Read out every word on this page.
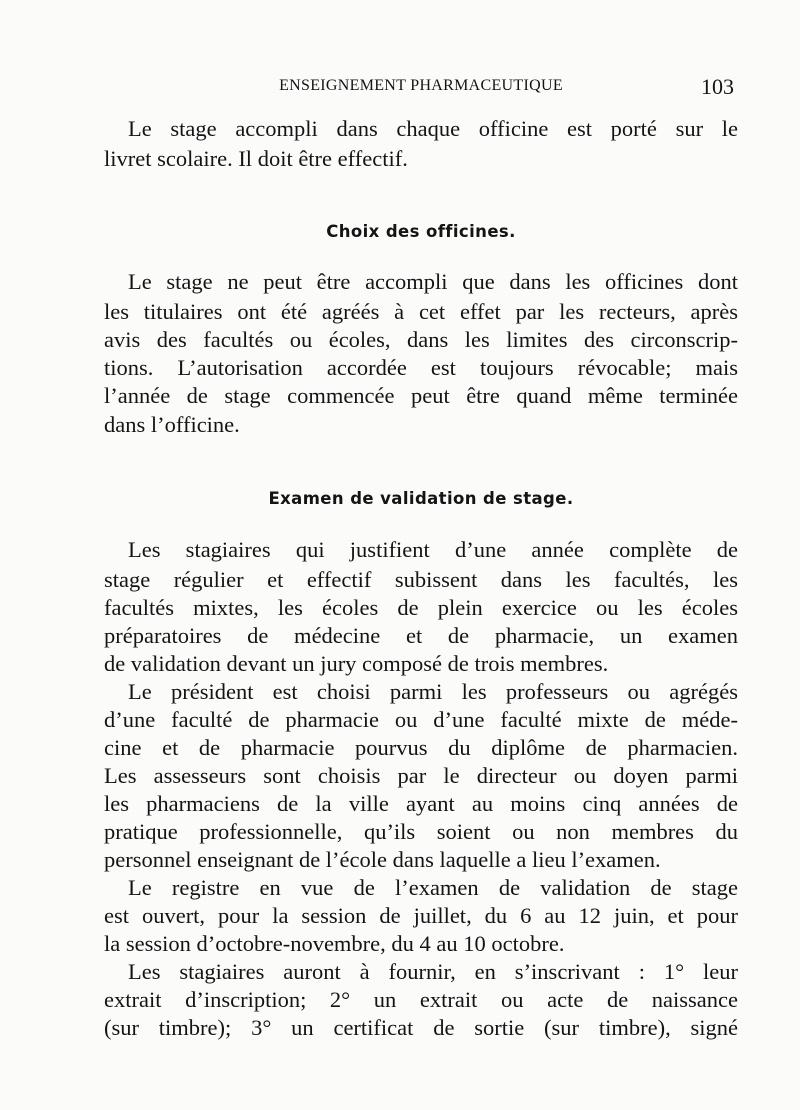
ENSEIGNEMENT PHARMACEUTIQUE	103
Le stage accompli dans chaque officine est porté sur le
livret scolaire. Il doit être effectif.
Choix des officines.
Le stage ne peut être accompli que dans les officines dont
les titulaires ont été agréés à cet effet par les recteurs, après
avis des facultés ou écoles, dans les limites des circonscrip-
tions. L’autorisation accordée est toujours révocable; mais
l’année de stage commencée peut être quand même terminée
dans l’officine.
Examen de validation de stage.
Les stagiaires qui justifient d’une année complète de
stage régulier et effectif subissent dans les facultés, les
facultés mixtes, les écoles de plein exercice ou les écoles
préparatoires de médecine et de pharmacie, un examen
de validation devant un jury composé de trois membres.
Le président est choisi parmi les professeurs ou agrégés
d’une faculté de pharmacie ou d’une faculté mixte de méde-
cine et de pharmacie pourvus du diplôme de pharmacien.
Les assesseurs sont choisis par le directeur ou doyen parmi
les pharmaciens de la ville ayant au moins cinq années de
pratique professionnelle, qu’ils soient ou non membres du
personnel enseignant de l’école dans laquelle a lieu l’examen.
Le registre en vue de l’examen de validation de stage
est ouvert, pour la session de juillet, du 6 au 12 juin, et pour
la session d’octobre-novembre, du 4 au 10 octobre.
Les stagiaires auront à fournir, en s’inscrivant : 1° leur
extrait d’inscription; 2° un extrait ou acte de naissance
(sur timbre); 3° un certificat de sortie (sur timbre), signé
